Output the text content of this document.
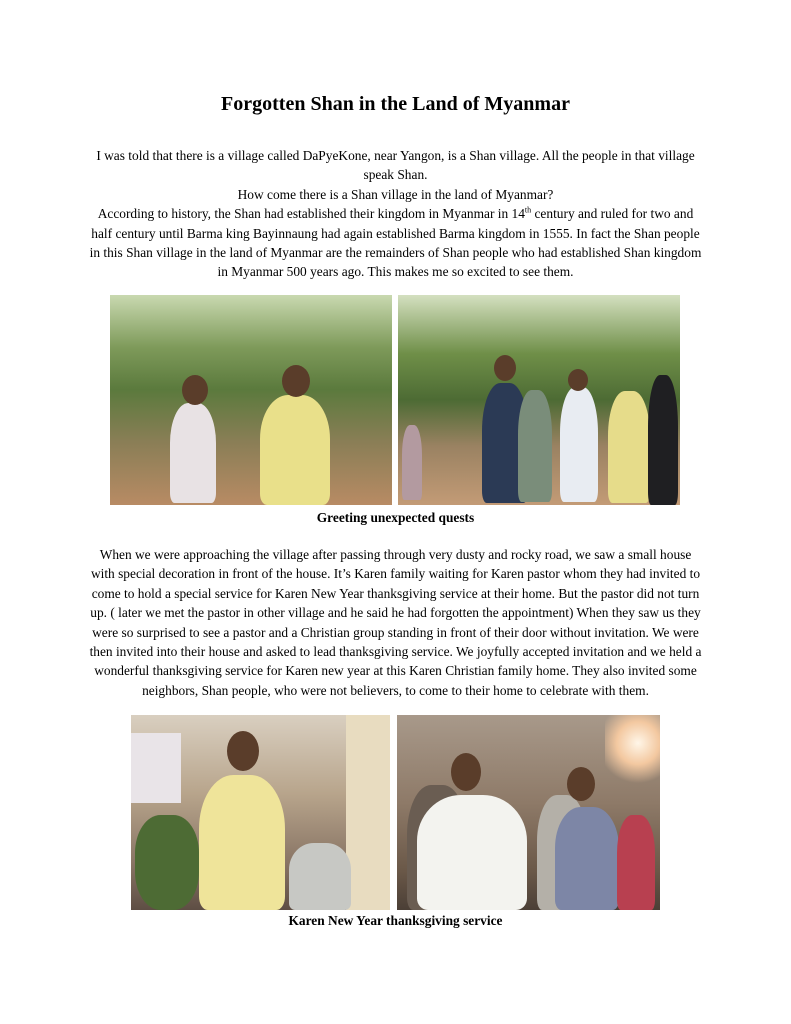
Forgotten Shan in the Land of Myanmar
I was told that there is a village called DaPyeKone, near Yangon, is a Shan village. All the people in that village speak Shan.
How come there is a Shan village in the land of Myanmar?
According to history, the Shan had established their kingdom in Myanmar in 14th century and ruled for two and half century until Barma king Bayinnaung had again established Barma kingdom in 1555. In fact the Shan people in this Shan village in the land of Myanmar are the remainders of Shan people who had established Shan kingdom in Myanmar 500 years ago. This makes me so excited to see them.

Greeting unexpected quests

When we were approaching the village after passing through very dusty and rocky road, we saw a small house with special decoration in front of the house. It’s Karen family waiting for Karen pastor whom they had invited to come to hold a special service for Karen New Year thanksgiving service at their home. But the pastor did not turn up. ( later we met the pastor in other village and he said he had forgotten the appointment) When they saw us they were so surprised to see a pastor and a Christian group standing in front of their door without invitation. We were then invited into their house and asked to lead thanksgiving service. We joyfully accepted invitation and we held a wonderful thanksgiving service for Karen new year at this Karen Christian family home. They also invited some neighbors, Shan people, who were not believers, to come to their home to celebrate with them.

Karen New Year thanksgiving service
